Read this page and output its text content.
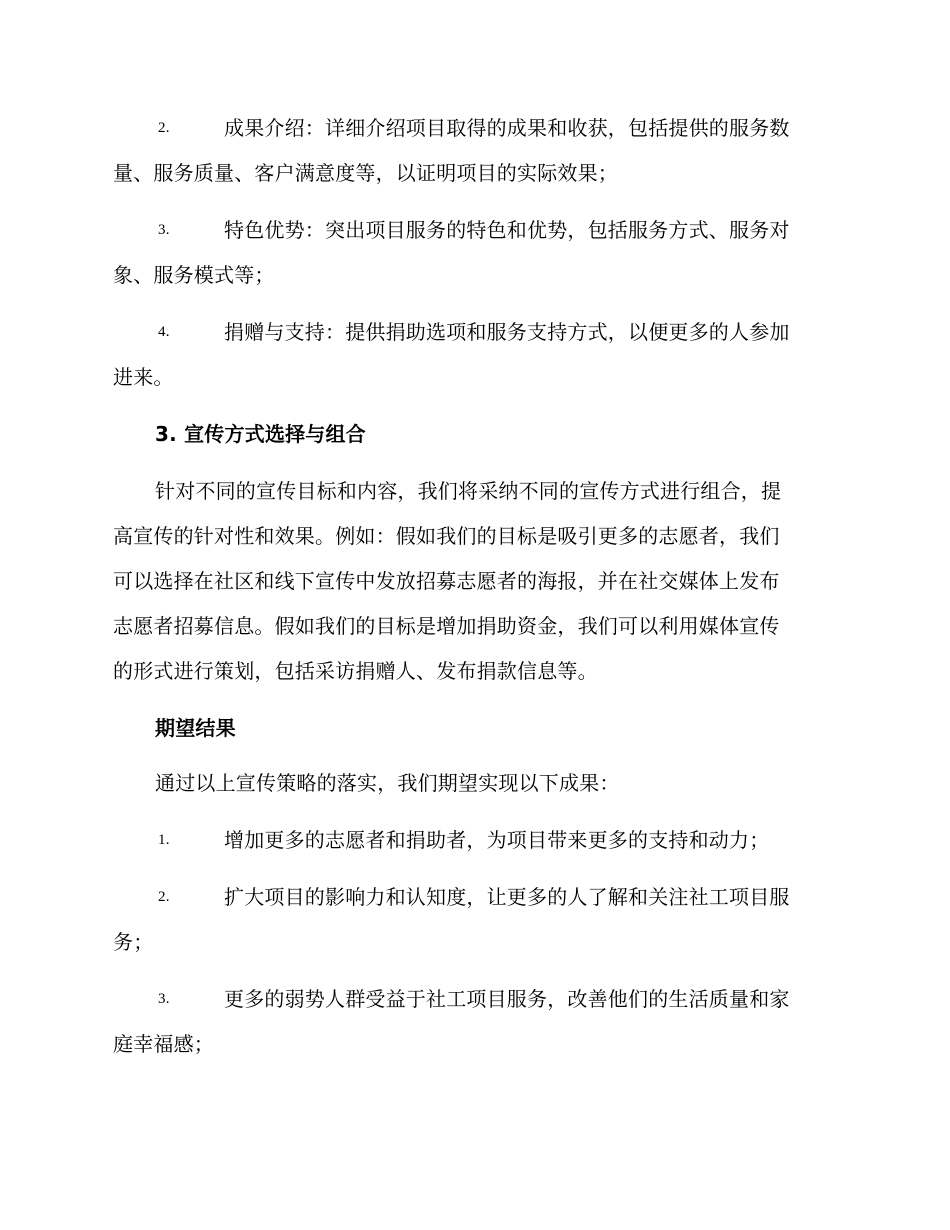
2.	成果介绍：详细介绍项目取得的成果和收获，包括提供的服务数
量、服务质量、客户满意度等，以证明项目的实际效果；
3.	特色优势：突出项目服务的特色和优势，包括服务方式、服务对
象、服务模式等；
4.	捐赠与支持：提供捐助选项和服务支持方式，以便更多的人参加
进来。
3. 宣传方式选择与组合
针对不同的宣传目标和内容，我们将采纳不同的宣传方式进行组合，提
高宣传的针对性和效果。例如：假如我们的目标是吸引更多的志愿者，我们
可以选择在社区和线下宣传中发放招募志愿者的海报，并在社交媒体上发布
志愿者招募信息。假如我们的目标是增加捐助资金，我们可以利用媒体宣传
的形式进行策划，包括采访捐赠人、发布捐款信息等。
期望结果
通过以上宣传策略的落实，我们期望实现以下成果：
1.	增加更多的志愿者和捐助者，为项目带来更多的支持和动力；
2.	扩大项目的影响力和认知度，让更多的人了解和关注社工项目服
务；
3.	更多的弱势人群受益于社工项目服务，改善他们的生活质量和家
庭幸福感；
